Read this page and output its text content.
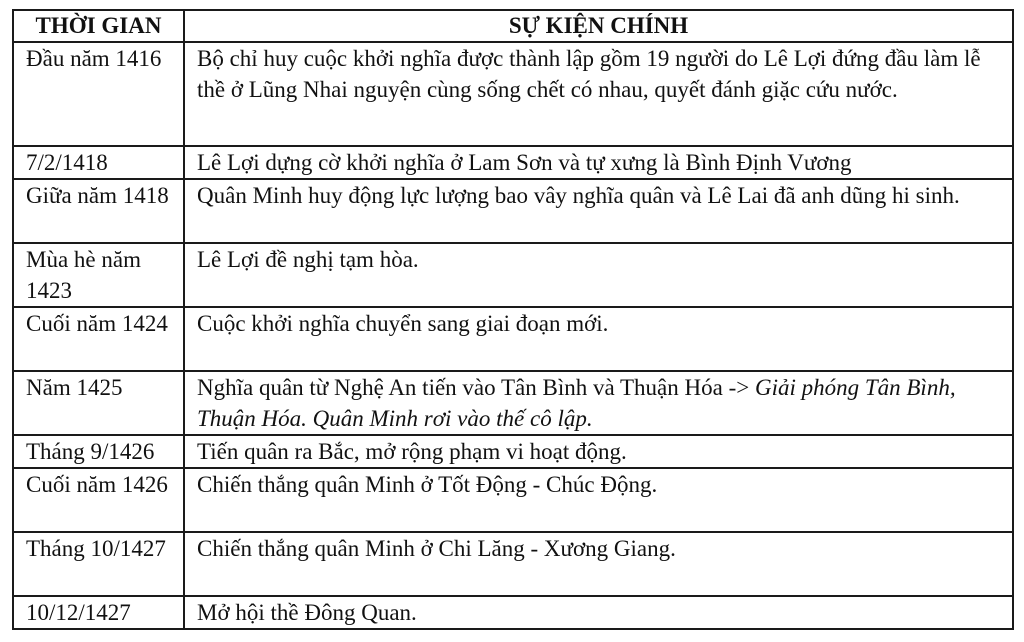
THỜI GIAN	SỰ KIỆN CHÍNH
Đầu năm 1416	Bộ chỉ huy cuộc khởi nghĩa được thành lập gồm 19 người do Lê Lợi đứng đầu làm lễ thề ở Lũng Nhai nguyện cùng sống chết có nhau, quyết đánh giặc cứu nước.
7/2/1418	Lê Lợi dựng cờ khởi nghĩa ở Lam Sơn và tự xưng là Bình Định Vương
Giữa năm 1418	Quân Minh huy động lực lượng bao vây nghĩa quân và Lê Lai đã anh dũng hi sinh.
Mùa hè năm 1423	Lê Lợi đề nghị tạm hòa.
Cuối năm 1424	Cuộc khởi nghĩa chuyển sang giai đoạn mới.
Năm 1425	Nghĩa quân từ Nghệ An tiến vào Tân Bình và Thuận Hóa -> Giải phóng Tân Bình, Thuận Hóa. Quân Minh rơi vào thế cô lập.
Tháng 9/1426	Tiến quân ra Bắc, mở rộng phạm vi hoạt động.
Cuối năm 1426	Chiến thắng quân Minh ở Tốt Động - Chúc Động.
Tháng 10/1427	Chiến thắng quân Minh ở Chi Lăng - Xương Giang.
10/12/1427	Mở hội thề Đông Quan.
